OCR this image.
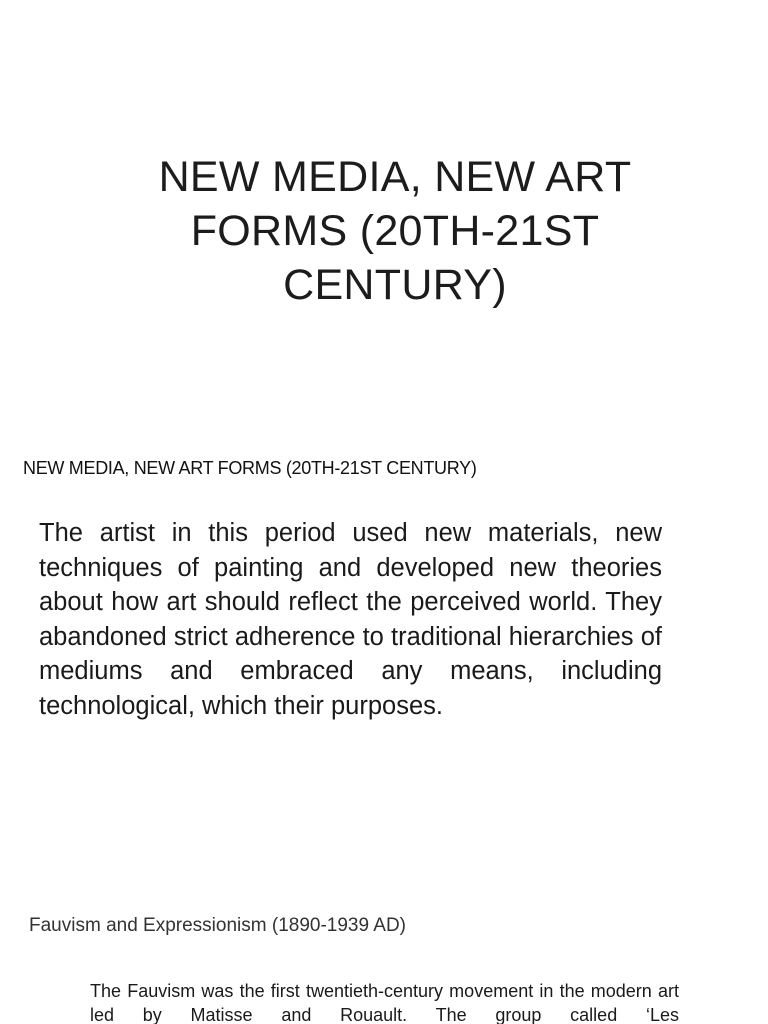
NEW MEDIA, NEW ART FORMS (20TH-21ST CENTURY)
NEW MEDIA, NEW ART FORMS (20TH-21ST CENTURY)
The artist in this period used new materials, new techniques of painting and developed new theories about how art should reflect the perceived world. They abandoned strict adherence to traditional hierarchies of mediums and embraced any means, including technological, which their purposes.
Fauvism and Expressionism (1890-1939 AD)
The Fauvism was the first twentieth-century movement in the modern art led by Matisse and Rouault. The group called ‘Les
